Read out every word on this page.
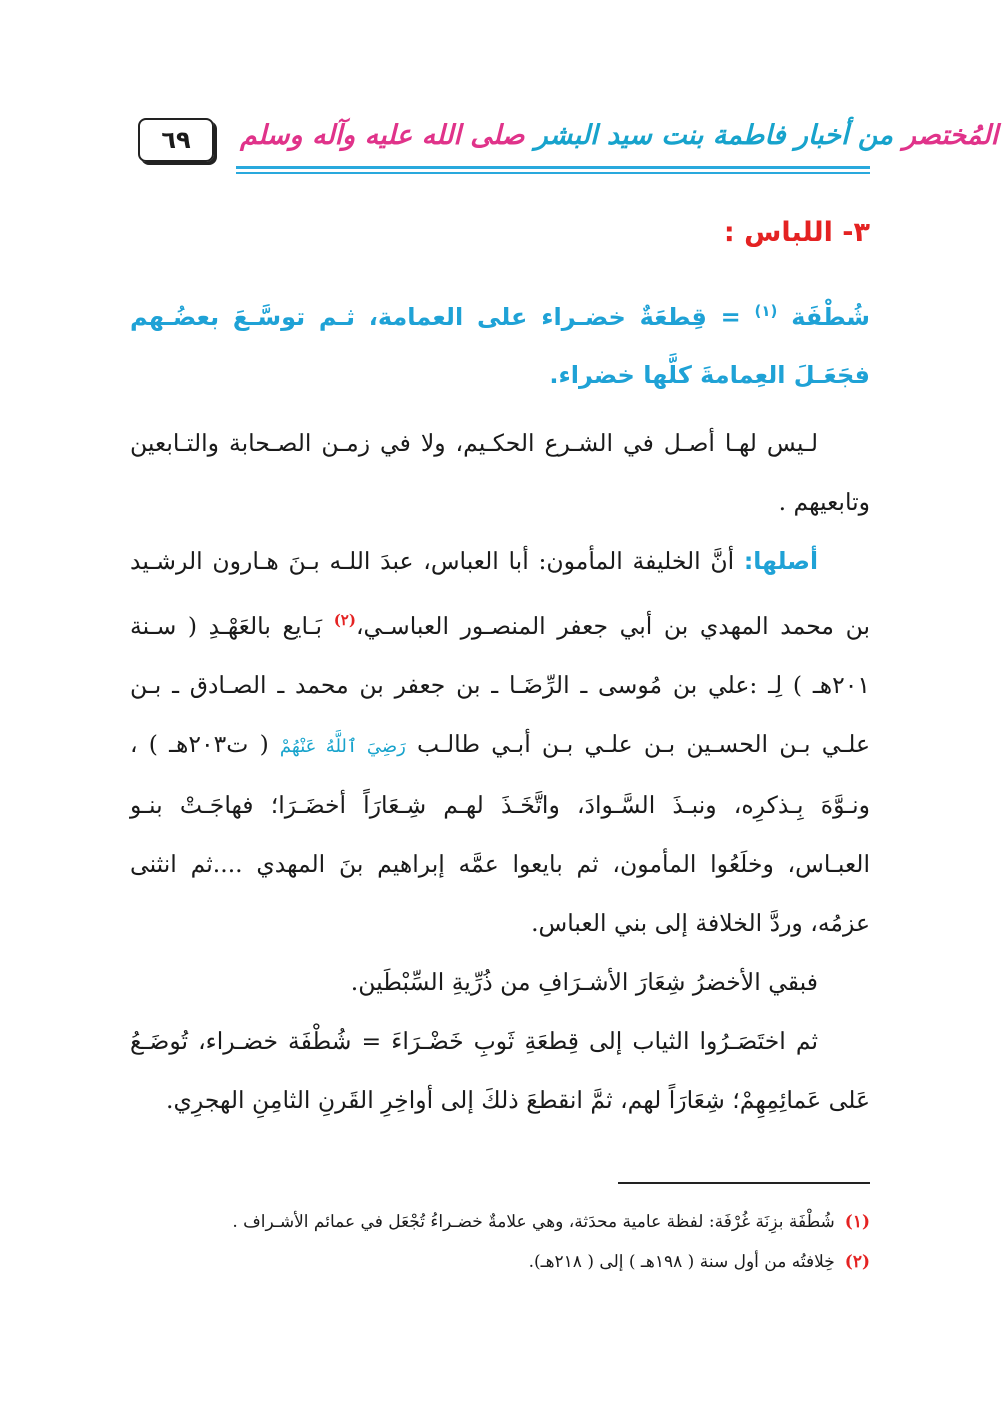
٦٩	المُختصر
من أخبار فاطمة بنت سيد البشر
صلى الله عليه وآله وسلم
٣- اللباس :

شُطْفَة $^{(١)}$ = قِطعَةٌ خضـراء على العمامة، ثـم توسَّـعَ بعضُـهم فجَعَـلَ العِمامةَ كلَّها خضراء.

لـيس لهـا أصـل في الشـرع الحكـيم، ولا في زمـن الصـحابة والتـابعين وتابعيهم .

أصلها: أنَّ الخليفة المأمون: أبا العباس، عبدَ اللـه بـنَ هـارون الرشـيد بن محمد المهدي بن أبي جعفر المنصـور العباسـي،$^{(٢)}$ بَـايع بالعَهْـدِ ( سـنة ٢٠١هـ ) لِـ :علي بن مُوسى ـ الرِّضَـا ـ بن جعفر بن محمد ـ الصـادق ـ بـن علـي بـن الحسـين بـن علـي بـن أبـي طالـب رَضِيَ ٱللَّهُ عَنْهُمْ ( ت٢٠٣هـ ) ، ونـوَّهَ بِـذكرِه، ونبـذَ السَّـوادَ، واتَّخَـذَ لهـم شِـعَارَاً أخضَـرَا؛ فهاجَـتْ بنـو العبـاس، وخلَعُوا المأمون، ثم بايعوا عمَّه إبراهيم بنَ المهدي ....ثم انثنى عزمُه، وردَّ الخلافة إلى بني العباس.

فبقي الأخضرُ شِعَارَ الأشـرَافِ من ذُرِّيةِ السِّبْطَين.

ثم اختَصَـرُوا الثياب إلى قِطعَةِ ثَوبِ خَضْـرَاءَ = شُطْفَة خضـراء، تُوضَـعُ عَلى عَمائِمِهِمْ؛ شِعَارَاً لهم، ثمَّ انقطعَ ذلكَ إلى أواخِرِ القَرنِ الثامِنِ الهجرِي.

(١)شُطْفَة بزِنَة غُرْفَة: لفظة عامية محدَثة، وهي علامةٌ خضـراءُ تُجْعَل في عمائم الأشـراف .

(٢)خِلافتُه من أول سنة ( ١٩٨هـ ) إلى ( ٢١٨هـ).
